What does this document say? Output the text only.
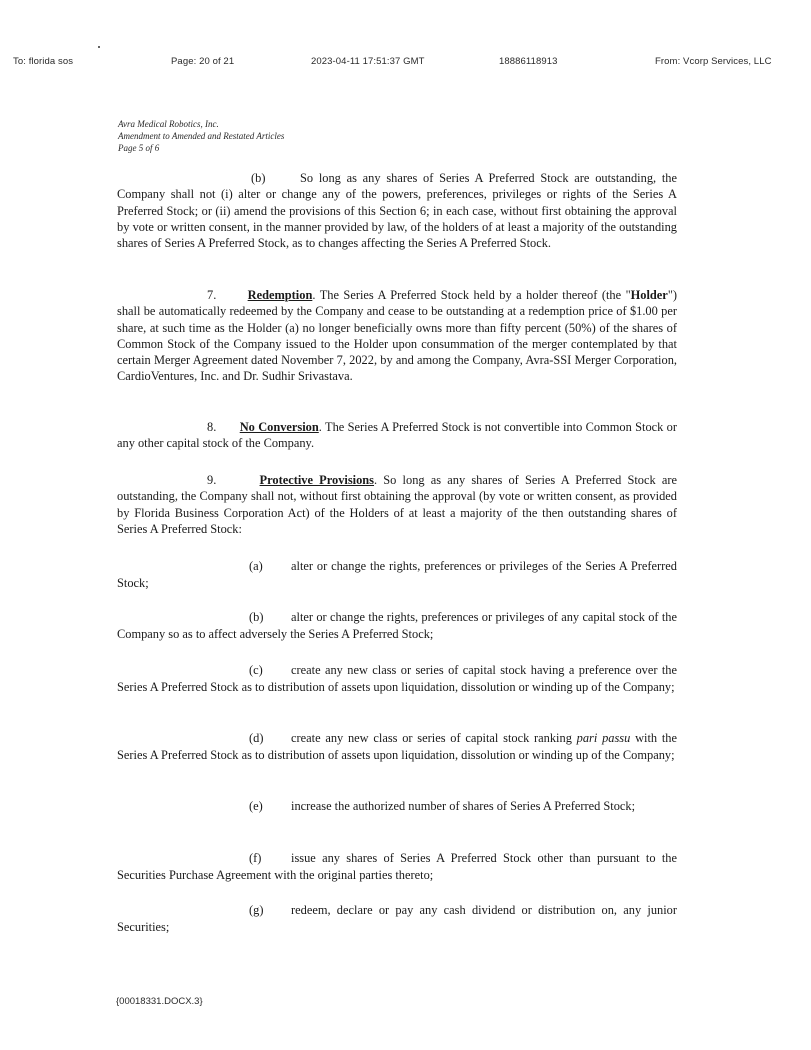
To: florida sos	Page: 20 of 21	2023-04-11 17:51:37 GMT	18886118913	From: Vcorp Services, LLC
Avra Medical Robotics, Inc.
Amendment to Amended and Restated Articles
Page 5 of 6
(b)	So long as any shares of Series A Preferred Stock are outstanding, the Company shall not (i) alter or change any of the powers, preferences, privileges or rights of the Series A Preferred Stock; or (ii) amend the provisions of this Section 6; in each case, without first obtaining the approval by vote or written consent, in the manner provided by law, of the holders of at least a majority of the outstanding shares of Series A Preferred Stock, as to changes affecting the Series A Preferred Stock.
7.	Redemption. The Series A Preferred Stock held by a holder thereof (the "Holder") shall be automatically redeemed by the Company and cease to be outstanding at a redemption price of $1.00 per share, at such time as the Holder (a) no longer beneficially owns more than fifty percent (50%) of the shares of Common Stock of the Company issued to the Holder upon consummation of the merger contemplated by that certain Merger Agreement dated November 7, 2022, by and among the Company, Avra-SSI Merger Corporation, CardioVentures, Inc. and Dr. Sudhir Srivastava.
8. No Conversion. The Series A Preferred Stock is not convertible into Common Stock or any other capital stock of the Company.
9.	Protective Provisions. So long as any shares of Series A Preferred Stock are outstanding, the Company shall not, without first obtaining the approval (by vote or written consent, as provided by Florida Business Corporation Act) of the Holders of at least a majority of the then outstanding shares of Series A Preferred Stock:
(a) alter or change the rights, preferences or privileges of the Series A Preferred Stock;
(b) alter or change the rights, preferences or privileges of any capital stock of the Company so as to affect adversely the Series A Preferred Stock;
(c) create any new class or series of capital stock having a preference over the Series A Preferred Stock as to distribution of assets upon liquidation, dissolution or winding up of the Company;
(d) create any new class or series of capital stock ranking pari passu with the Series A Preferred Stock as to distribution of assets upon liquidation, dissolution or winding up of the Company;
(e) increase the authorized number of shares of Series A Preferred Stock;
(f) issue any shares of Series A Preferred Stock other than pursuant to the Securities Purchase Agreement with the original parties thereto;
(g) redeem, declare or pay any cash dividend or distribution on, any junior Securities;
{00018331.DOCX.3}
